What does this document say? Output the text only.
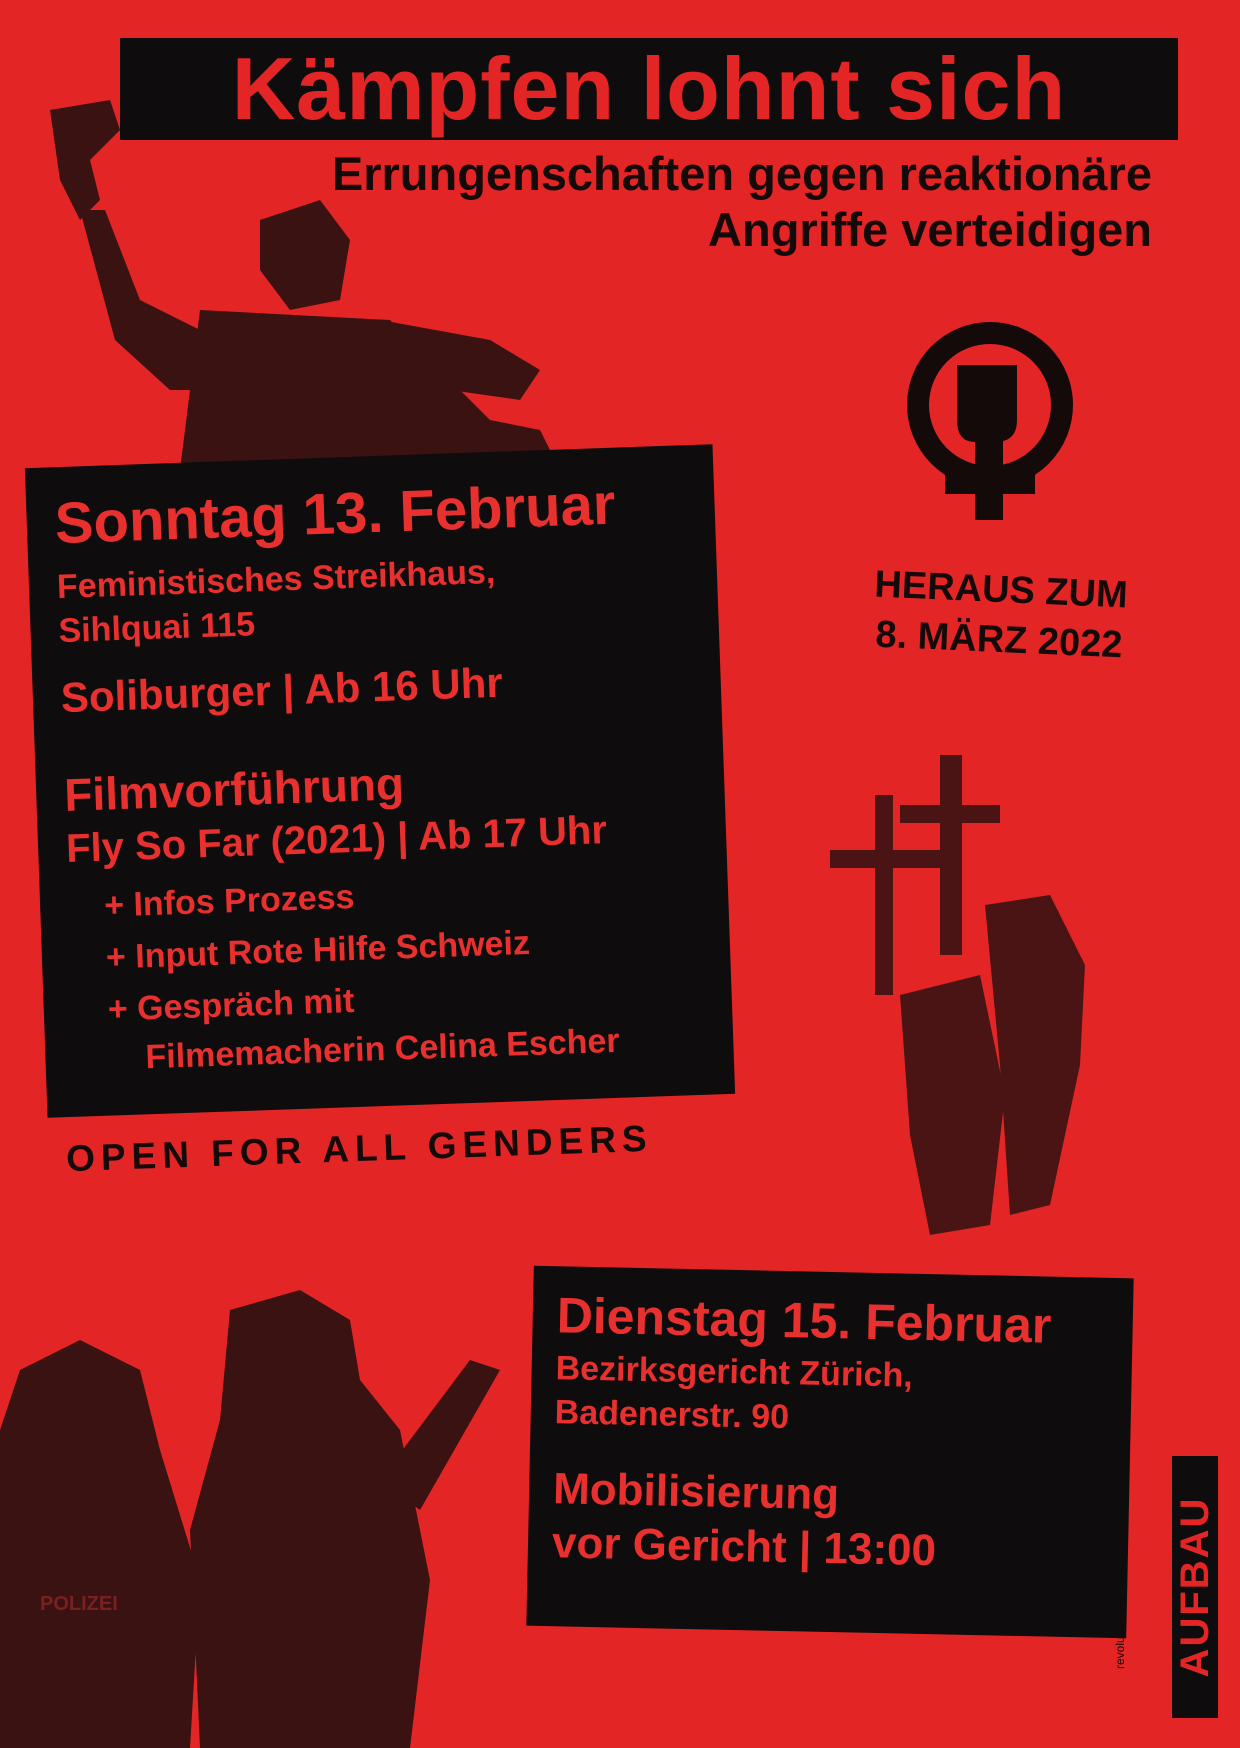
Kämpfen lohnt sich
Errungenschaften gegen reaktionäre
Angriffe verteidigen
Sonntag 13. Februar
Feministisches Streikhaus,
Sihlquai 115
Soliburger | Ab 16 Uhr
Filmvorführung
Fly So Far (2021) | Ab 17 Uhr
+ Infos Prozess
+ Input Rote Hilfe Schweiz
+ Gespräch mit
Filmemacherin Celina Escher
OPEN FOR ALL GENDERS
HERAUS ZUM
8. MÄRZ 2022
POLIZEI
Dienstag 15. Februar
Bezirksgericht Zürich,
Badenerstr. 90
Mobilisierung
vor Gericht | 13:00
revolutionärer AUFBAU
